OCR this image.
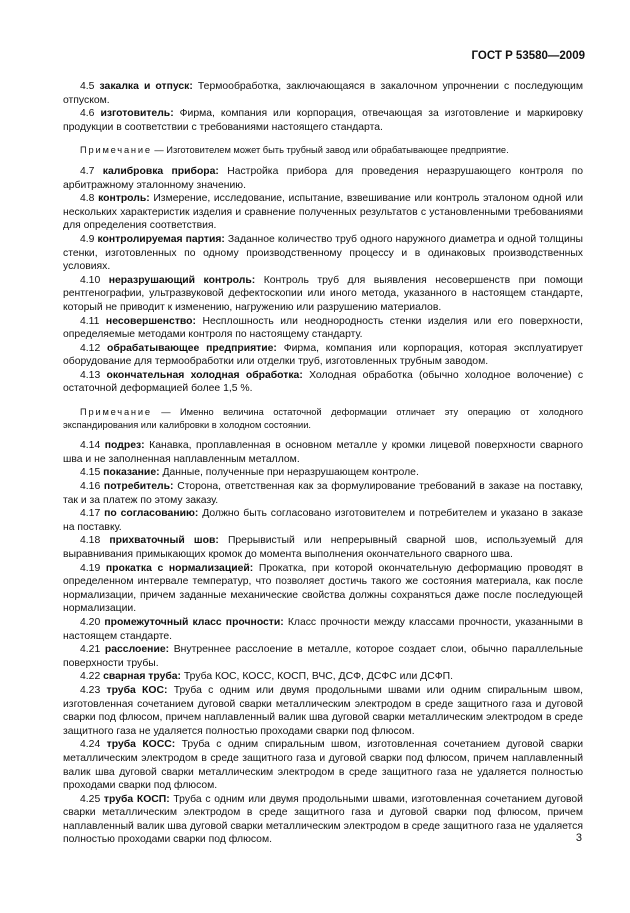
ГОСТ Р 53580—2009

4.5 закалка и отпуск: Термообработка, заключающаяся в закалочном упрочнении с последующим отпуском.

4.6 изготовитель: Фирма, компания или корпорация, отвечающая за изготовление и маркировку продукции в соответствии с требованиями настоящего стандарта.

Примечание — Изготовителем может быть трубный завод или обрабатывающее предприятие.

4.7 калибровка прибора: Настройка прибора для проведения неразрушающего контроля по арбитражному эталонному значению.

4.8 контроль: Измерение, исследование, испытание, взвешивание или контроль эталоном одной или нескольких характеристик изделия и сравнение полученных результатов с установленными требованиями для определения соответствия.

4.9 контролируемая партия: Заданное количество труб одного наружного диаметра и одной толщины стенки, изготовленных по одному производственному процессу и в одинаковых производственных условиях.

4.10 неразрушающий контроль: Контроль труб для выявления несовершенств при помощи рентгенографии, ультразвуковой дефектоскопии или иного метода, указанного в настоящем стандарте, который не приводит к изменению, нагружению или разрушению материалов.

4.11 несовершенство: Несплошность или неоднородность стенки изделия или его поверхности, определяемые методами контроля по настоящему стандарту.

4.12 обрабатывающее предприятие: Фирма, компания или корпорация, которая эксплуатирует оборудование для термообработки или отделки труб, изготовленных трубным заводом.

4.13 окончательная холодная обработка: Холодная обработка (обычно холодное волочение) с остаточной деформацией более 1,5 %.

Примечание — Именно величина остаточной деформации отличает эту операцию от холодного экспандирования или калибровки в холодном состоянии.

4.14 подрез: Канавка, проплавленная в основном металле у кромки лицевой поверхности сварного шва и не заполненная наплавленным металлом.

4.15 показание: Данные, полученные при неразрушающем контроле.

4.16 потребитель: Сторона, ответственная как за формулирование требований в заказе на поставку, так и за платеж по этому заказу.

4.17 по согласованию: Должно быть согласовано изготовителем и потребителем и указано в заказе на поставку.

4.18 прихваточный шов: Прерывистый или непрерывный сварной шов, используемый для выравнивания примыкающих кромок до момента выполнения окончательного сварного шва.

4.19 прокатка с нормализацией: Прокатка, при которой окончательную деформацию проводят в определенном интервале температур, что позволяет достичь такого же состояния материала, как после нормализации, причем заданные механические свойства должны сохраняться даже после последующей нормализации.

4.20 промежуточный класс прочности: Класс прочности между классами прочности, указанными в настоящем стандарте.

4.21 расслоение: Внутреннее расслоение в металле, которое создает слои, обычно параллельные поверхности трубы.

4.22 сварная труба: Труба КОС, КОСС, КОСП, ВЧС, ДСФ, ДСФС или ДСФП.

4.23 труба КОС: Труба с одним или двумя продольными швами или одним спиральным швом, изготовленная сочетанием дуговой сварки металлическим электродом в среде защитного газа и дуговой сварки под флюсом, причем наплавленный валик шва дуговой сварки металлическим электродом в среде защитного газа не удаляется полностью проходами сварки под флюсом.

4.24 труба КОСС: Труба с одним спиральным швом, изготовленная сочетанием дуговой сварки металлическим электродом в среде защитного газа и дуговой сварки под флюсом, причем наплавленный валик шва дуговой сварки металлическим электродом в среде защитного газа не удаляется полностью проходами сварки под флюсом.

4.25 труба КОСП: Труба с одним или двумя продольными швами, изготовленная сочетанием дуговой сварки металлическим электродом в среде защитного газа и дуговой сварки под флюсом, причем наплавленный валик шва дуговой сварки металлическим электродом в среде защитного газа не удаляется полностью проходами сварки под флюсом.	3
